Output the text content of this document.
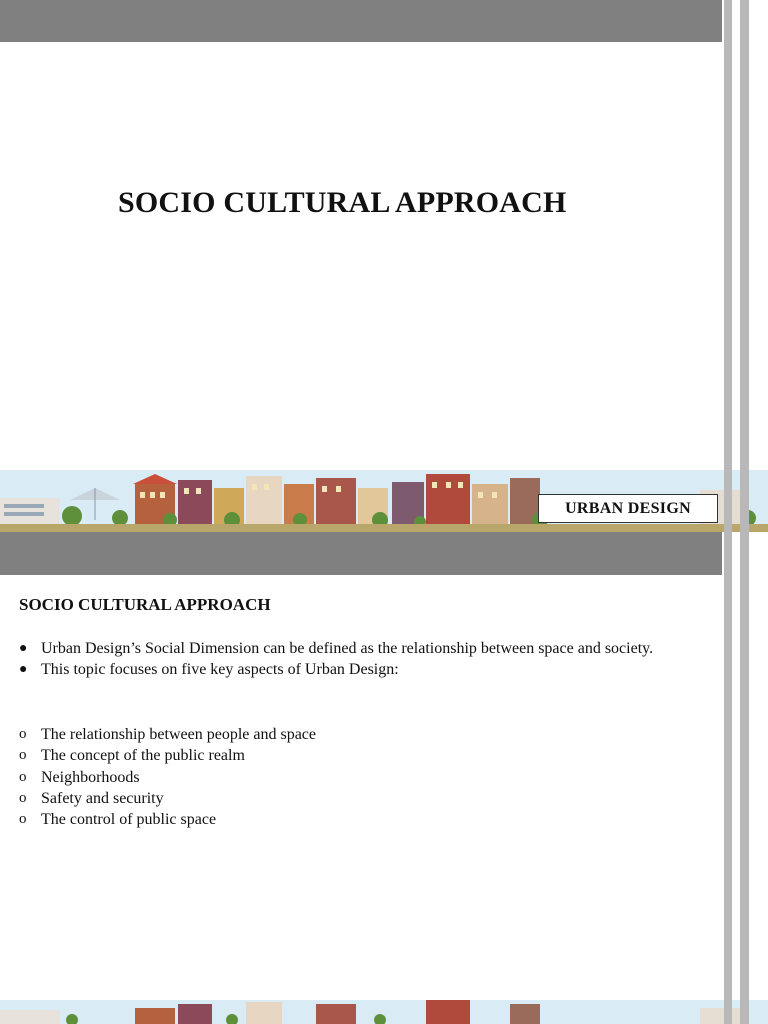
SOCIO CULTURAL APPROACH
URBAN DESIGN
SOCIO CULTURAL APPROACH
● Urban Design’s Social Dimension can be defined as the relationship between space and society.
● This topic focuses on five key aspects of Urban Design:
o The relationship between people and space
o The concept of the public realm
o Neighborhoods
o Safety and security
o The control of public space
